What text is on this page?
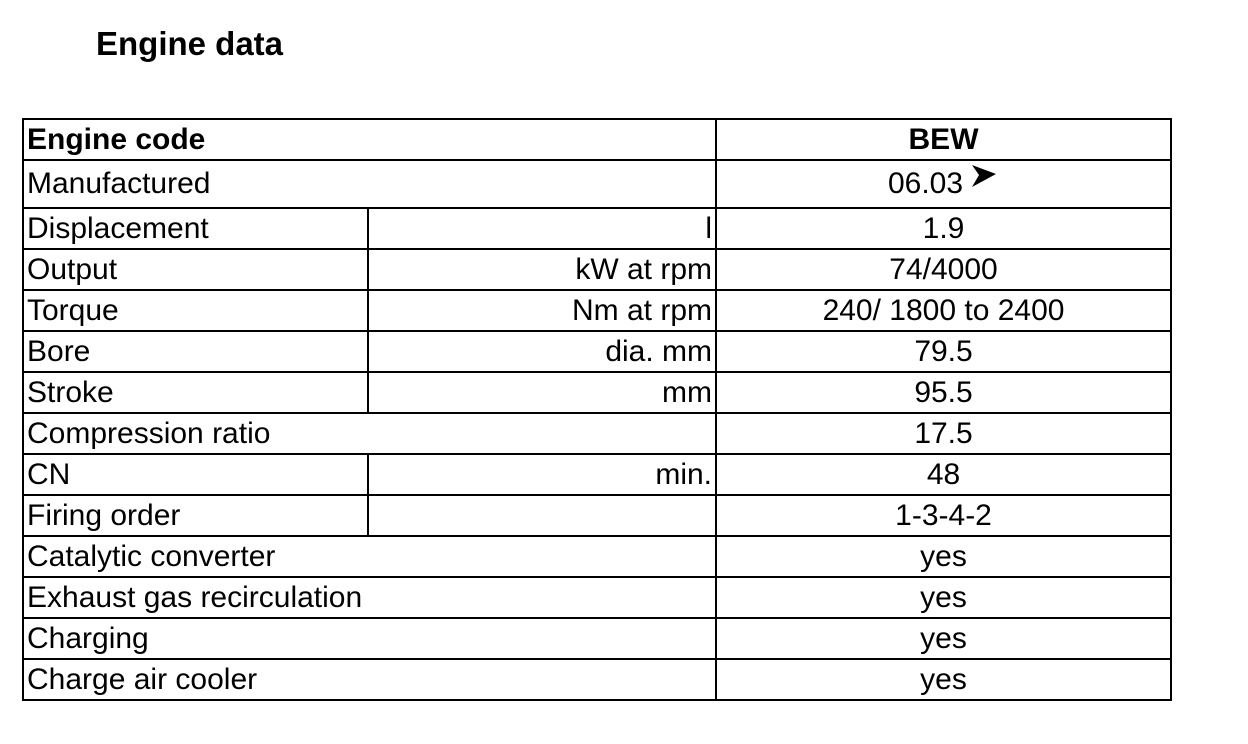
Engine data
Engine code		BEW
Manufactured		06.03
Displacement	l	1.9
Output	kW at rpm	74/4000
Torque	Nm at rpm	240/ 1800 to 2400
Bore	dia. mm	79.5
Stroke	mm	95.5
Compression ratio		17.5
CN	min.	48
Firing order		1-3-4-2
Catalytic converter		yes
Exhaust gas recirculation		yes
Charging		yes
Charge air cooler		yes
